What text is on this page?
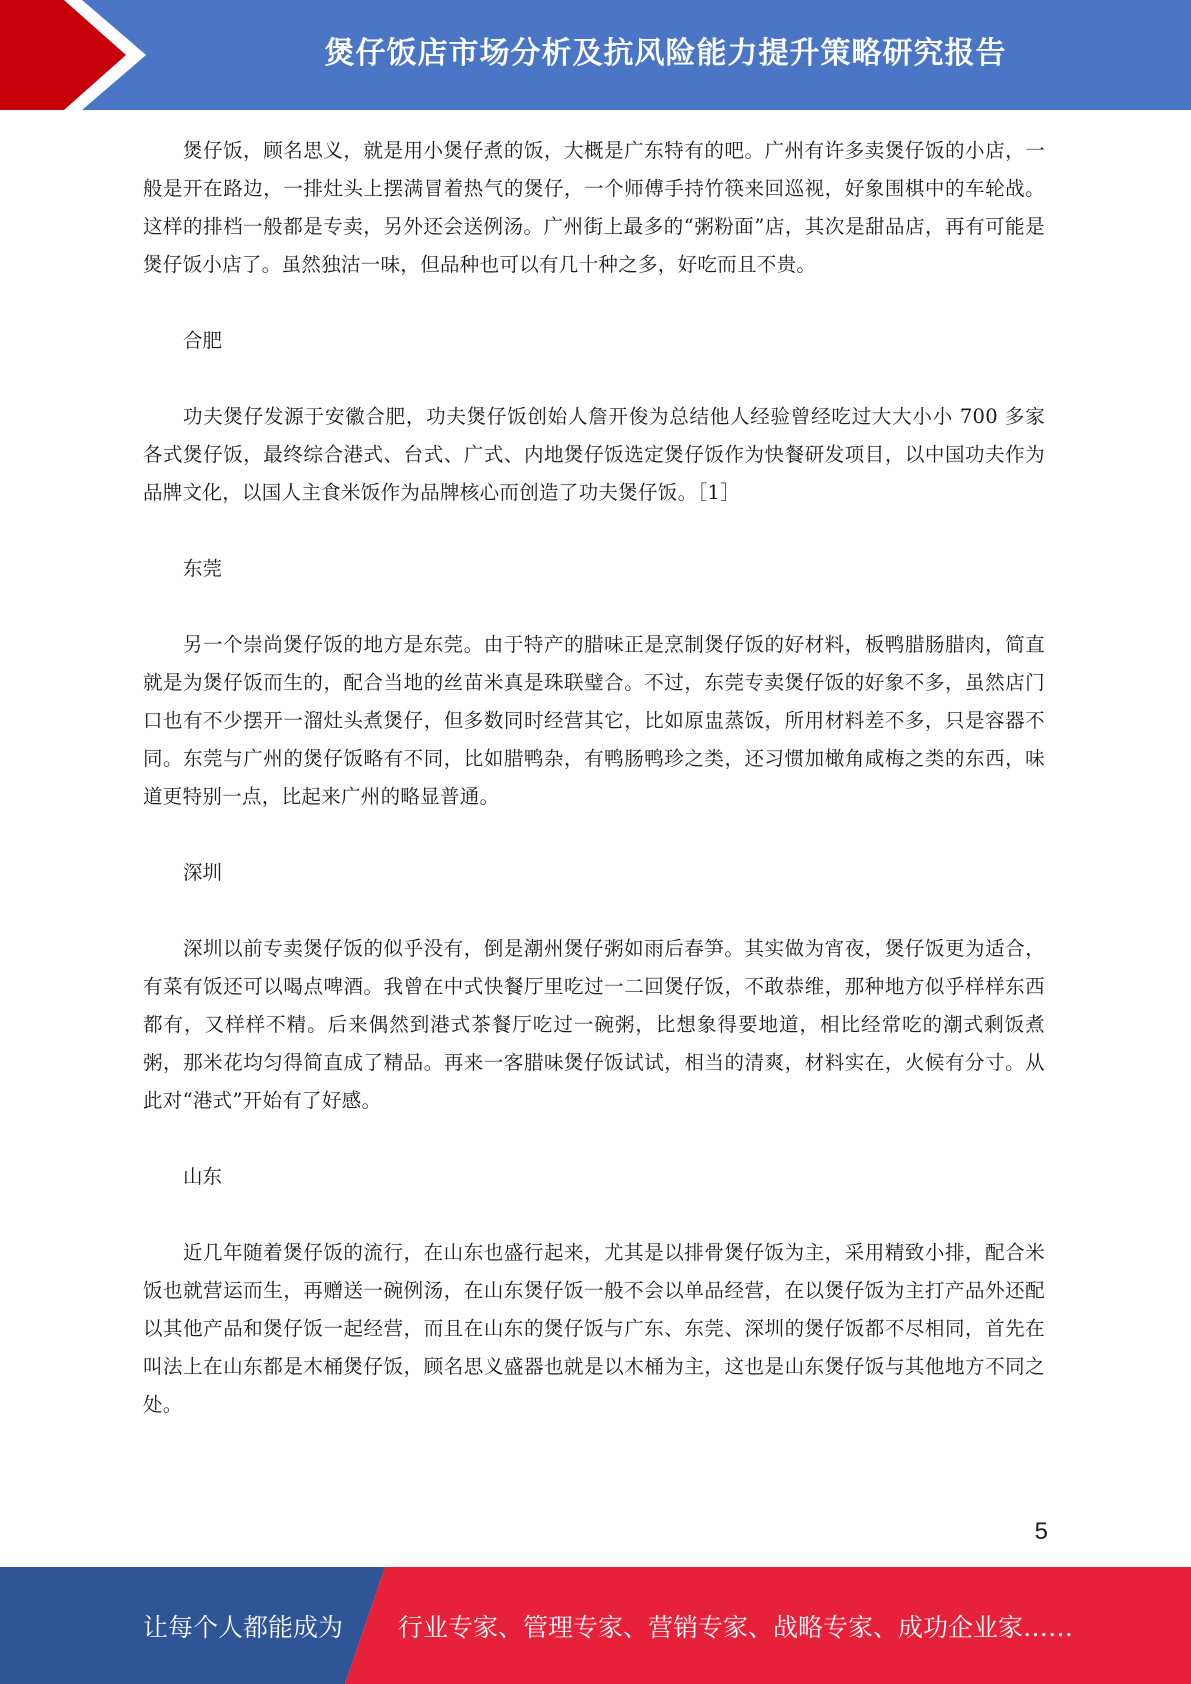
煲仔饭店市场分析及抗风险能力提升策略研究报告

煲仔饭，顾名思义，就是用小煲仔煮的饭，大概是广东特有的吧。广州有许多卖煲仔饭的小店，一般是开在路边，一排灶头上摆满冒着热气的煲仔，一个师傅手持竹筷来回巡视，好象围棋中的车轮战。这样的排档一般都是专卖，另外还会送例汤。广州街上最多的“粥粉面”店，其次是甜品店，再有可能是煲仔饭小店了。虽然独沽一味，但品种也可以有几十种之多，好吃而且不贵。

合肥

功夫煲仔发源于安徽合肥，功夫煲仔饭创始人詹开俊为总结他人经验曾经吃过大大小小 700 多家各式煲仔饭，最终综合港式、台式、广式、内地煲仔饭选定煲仔饭作为快餐研发项目，以中国功夫作为品牌文化，以国人主食米饭作为品牌核心而创造了功夫煲仔饭。［1］

东莞

另一个崇尚煲仔饭的地方是东莞。由于特产的腊味正是烹制煲仔饭的好材料，板鸭腊肠腊肉，简直就是为煲仔饭而生的，配合当地的丝苗米真是珠联璧合。不过，东莞专卖煲仔饭的好象不多，虽然店门口也有不少摆开一溜灶头煮煲仔，但多数同时经营其它，比如原盅蒸饭，所用材料差不多，只是容器不同。东莞与广州的煲仔饭略有不同，比如腊鸭杂，有鸭肠鸭珍之类，还习惯加橄角咸梅之类的东西，味道更特别一点，比起来广州的略显普通。

深圳

深圳以前专卖煲仔饭的似乎没有，倒是潮州煲仔粥如雨后春笋。其实做为宵夜，煲仔饭更为适合，有菜有饭还可以喝点啤酒。我曾在中式快餐厅里吃过一二回煲仔饭，不敢恭维，那种地方似乎样样东西都有，又样样不精。后来偶然到港式茶餐厅吃过一碗粥，比想象得要地道，相比经常吃的潮式剩饭煮粥，那米花均匀得简直成了精品。再来一客腊味煲仔饭试试，相当的清爽，材料实在，火候有分寸。从此对“港式”开始有了好感。

山东

近几年随着煲仔饭的流行，在山东也盛行起来，尤其是以排骨煲仔饭为主，采用精致小排，配合米饭也就营运而生，再赠送一碗例汤，在山东煲仔饭一般不会以单品经营，在以煲仔饭为主打产品外还配以其他产品和煲仔饭一起经营，而且在山东的煲仔饭与广东、东莞、深圳的煲仔饭都不尽相同，首先在叫法上在山东都是木桶煲仔饭，顾名思义盛器也就是以木桶为主，这也是山东煲仔饭与其他地方不同之处。

5
让每个人都能成为 行业专家、管理专家、营销专家、战略专家、成功企业家……
